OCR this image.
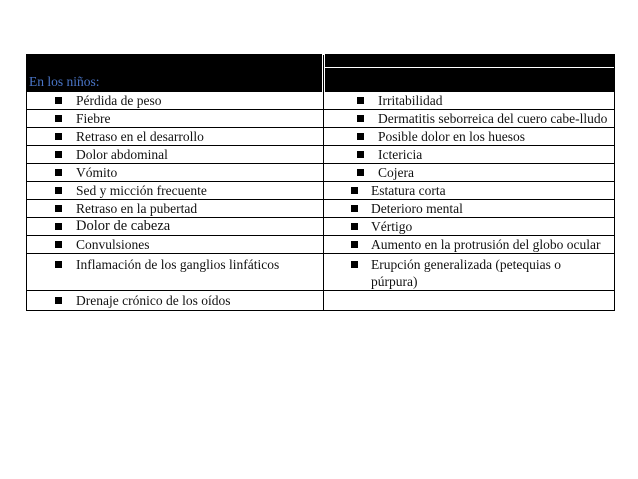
En los niños:	

Pérdida de peso	Irritabilidad

Fiebre	Dermatitis seborreica del cuero cabe-lludo

Retraso en el desarrollo	Posible dolor en los huesos

Dolor abdominal	Ictericia

Vómito	Cojera

Sed y micción frecuente	Estatura corta

Retraso en la pubertad	Deterioro mental

Dolor de cabeza	Vértigo

Convulsiones	Aumento en la protrusión del globo ocular

Inflamación de los ganglios linfáticos	Erupción generalizada (petequias o púrpura)

Drenaje crónico de los oídos	
